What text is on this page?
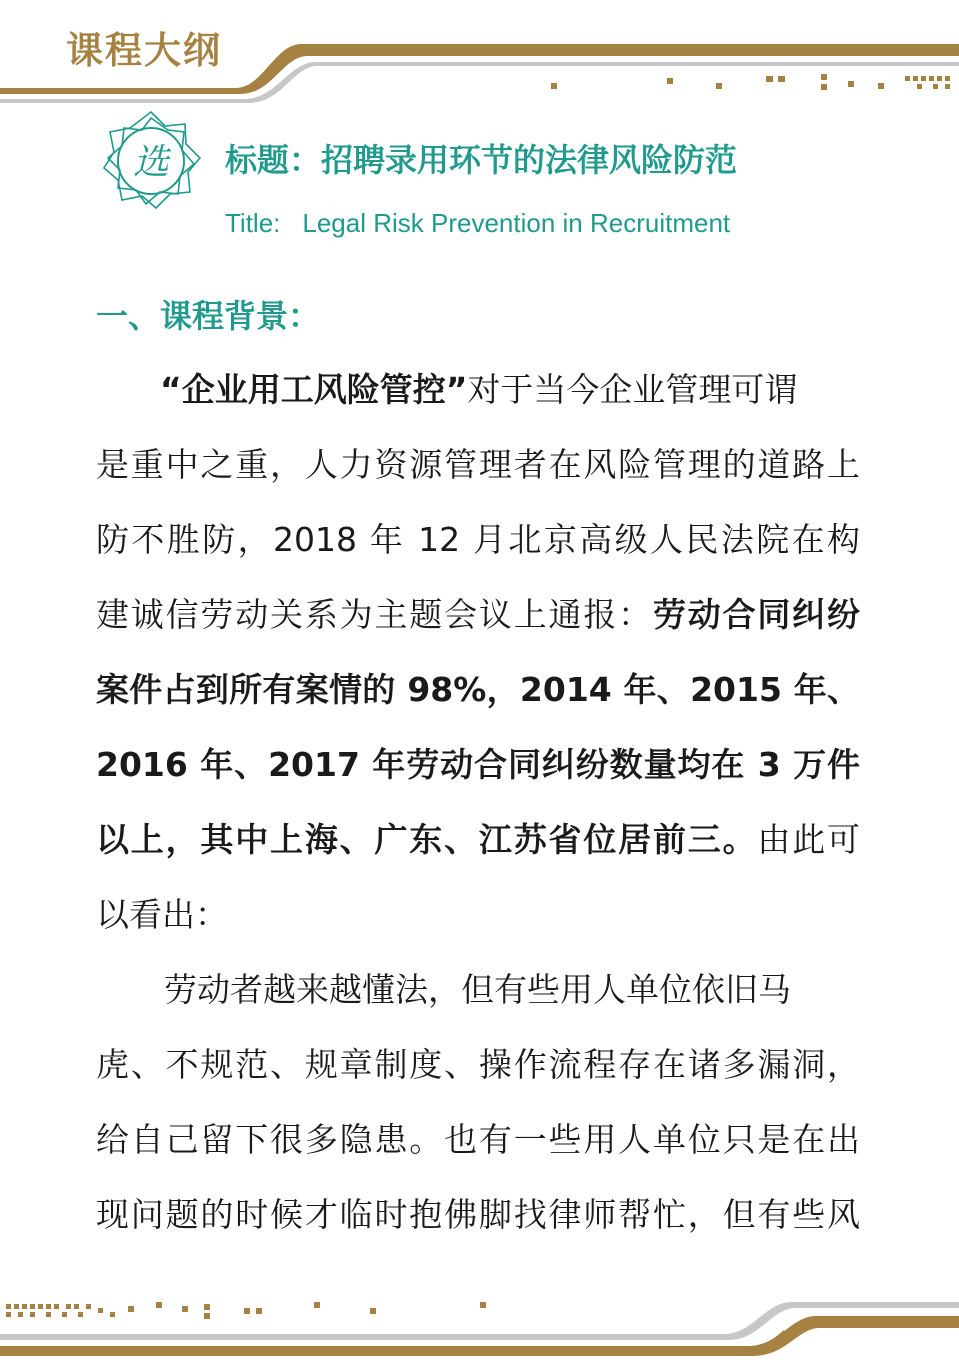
课程大纲
选 标题：招聘录用环节的法律风险防范
Title: Legal Risk Prevention in Recruitment
一、课程背景：
“企业用工风险管控”对于当今企业管理可谓
是重中之重，人力资源管理者在风险管理的道路上
防不胜防，2018 年 12 月北京高级人民法院在构
建诚信劳动关系为主题会议上通报：劳动合同纠纷
案件占到所有案情的 98%，2014 年、2015 年、
2016 年、2017 年劳动合同纠纷数量均在 3 万件
以上，其中上海、广东、江苏省位居前三。由此可
以看出：
劳动者越来越懂法，但有些用人单位依旧马
虎、不规范、规章制度、操作流程存在诸多漏洞，
给自己留下很多隐患。也有一些用人单位只是在出
现问题的时候才临时抱佛脚找律师帮忙，但有些风
